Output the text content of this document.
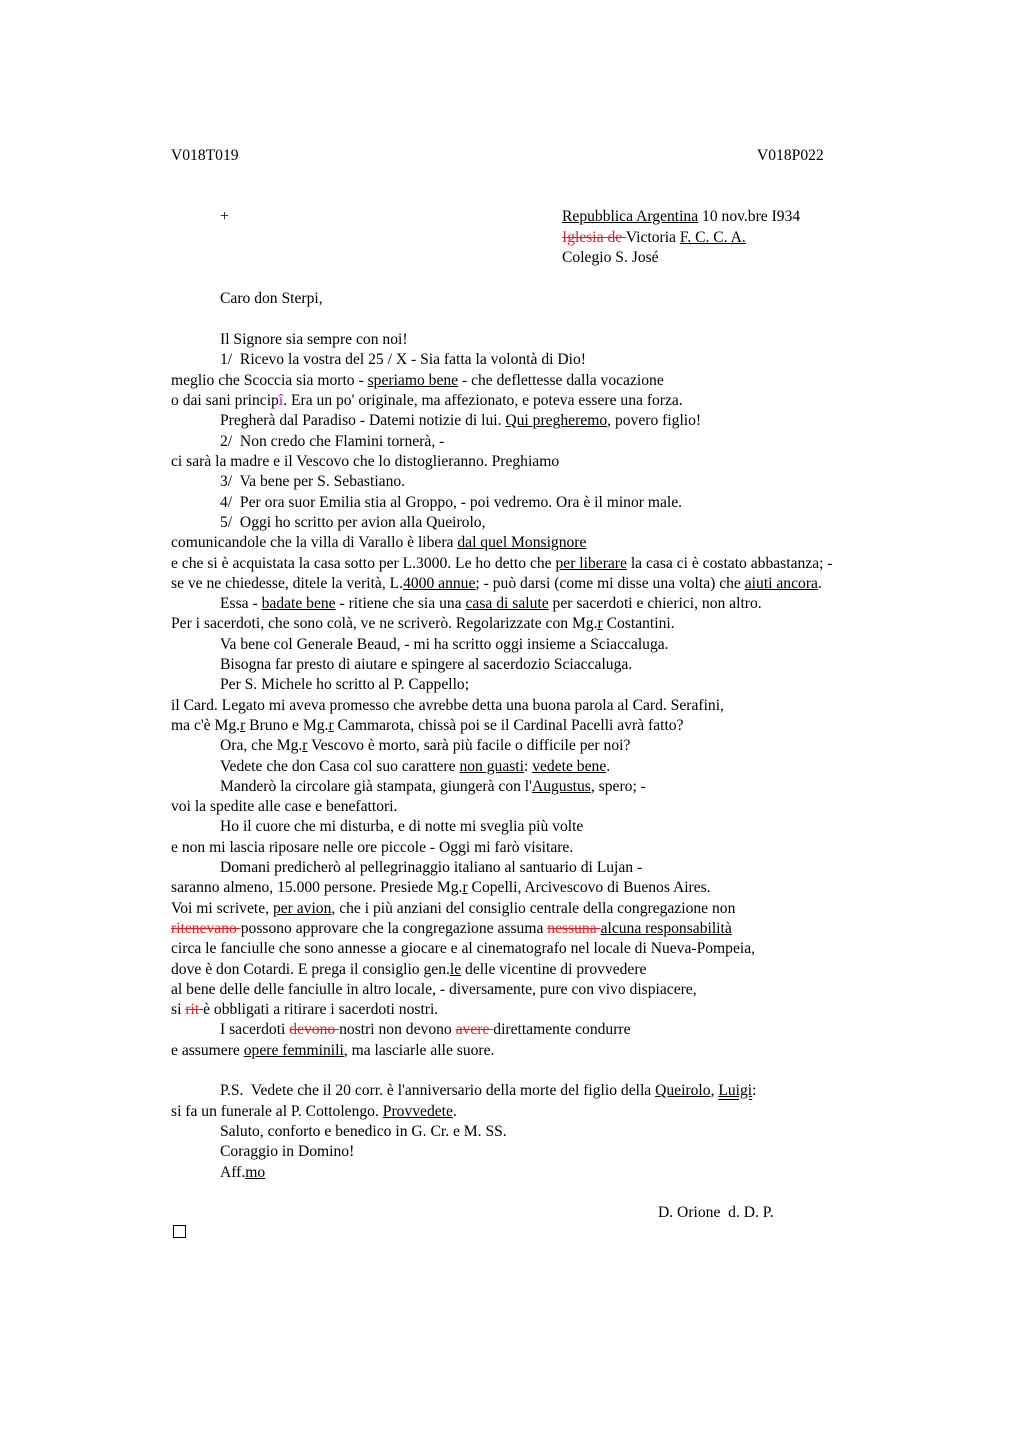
V018T019	V018P022
+	Repubblica Argentina 10 nov.bre I934
Iglesia de Victoria F. C. C. A.
Colegio S. José
Caro don Sterpi,
Il Signore sia sempre con noi!
1/  Ricevo la vostra del 25 / X - Sia fatta la volontà di Dio!
meglio che Scoccia sia morto - speriamo bene - che deflettesse dalla vocazione
o dai sani principî. Era un po' originale, ma affezionato, e poteva essere una forza.
Pregherà dal Paradiso - Datemi notizie di lui. Qui pregheremo, povero figlio!
2/  Non credo che Flamini tornerà, -
ci sarà la madre e il Vescovo che lo distoglieranno. Preghiamo
3/  Va bene per S. Sebastiano.
4/  Per ora suor Emilia stia al Groppo, - poi vedremo. Ora è il minor male.
5/  Oggi ho scritto per avion alla Queirolo,
comunicandole che la villa di Varallo è libera dal quel Monsignore
e che si è acquistata la casa sotto per L.3000. Le ho detto che per liberare la casa ci è costato abbastanza; -
se ve ne chiedesse, ditele la verità, L.4000 annue; - può darsi (come mi disse una volta) che aiuti ancora.
Essa - badate bene - ritiene che sia una casa di salute per sacerdoti e chierici, non altro.
Per i sacerdoti, che sono colà, ve ne scriverò. Regolarizzate con Mg.r Costantini.
Va bene col Generale Beaud, - mi ha scritto oggi insieme a Sciaccaluga.
Bisogna far presto di aiutare e spingere al sacerdozio Sciaccaluga.
Per S. Michele ho scritto al P. Cappello;
il Card. Legato mi aveva promesso che avrebbe detta una buona parola al Card. Serafini,
ma c'è Mg.r Bruno e Mg.r Cammarota, chissà poi se il Cardinal Pacelli avrà fatto?
Ora, che Mg.r Vescovo è morto, sarà più facile o difficile per noi?
Vedete che don Casa col suo carattere non guasti: vedete bene.
Manderò la circolare già stampata, giungerà con l'Augustus, spero; -
voi la spedite alle case e benefattori.
Ho il cuore che mi disturba, e di notte mi sveglia più volte
e non mi lascia riposare nelle ore piccole - Oggi mi farò visitare.
Domani predicherò al pellegrinaggio italiano al santuario di Lujan -
saranno almeno, 15.000 persone. Presiede Mg.r Copelli, Arcivescovo di Buenos Aires.
Voi mi scrivete, per avion, che i più anziani del consiglio centrale della congregazione non
ritenevano possono approvare che la congregazione assuma nessuna alcuna responsabilità
circa le fanciulle che sono annesse a giocare e al cinematografo nel locale di Nueva-Pompeia,
dove è don Cotardi. E prega il consiglio gen.le delle vicentine di provvedere
al bene delle delle fanciulle in altro locale, - diversamente, pure con vivo dispiacere,
si rit è obbligati a ritirare i sacerdoti nostri.
I sacerdoti devono nostri non devono avere direttamente condurre
e assumere opere femminili, ma lasciarle alle suore.
P.S.  Vedete che il 20 corr. è l'anniversario della morte del figlio della Queirolo, Luigi:
si fa un funerale al P. Cottolengo. Provvedete.
Saluto, conforto e benedico in G. Cr. e M. SS.
Coraggio in Domino!
Aff.mo
D. Orione  d. D. P.
